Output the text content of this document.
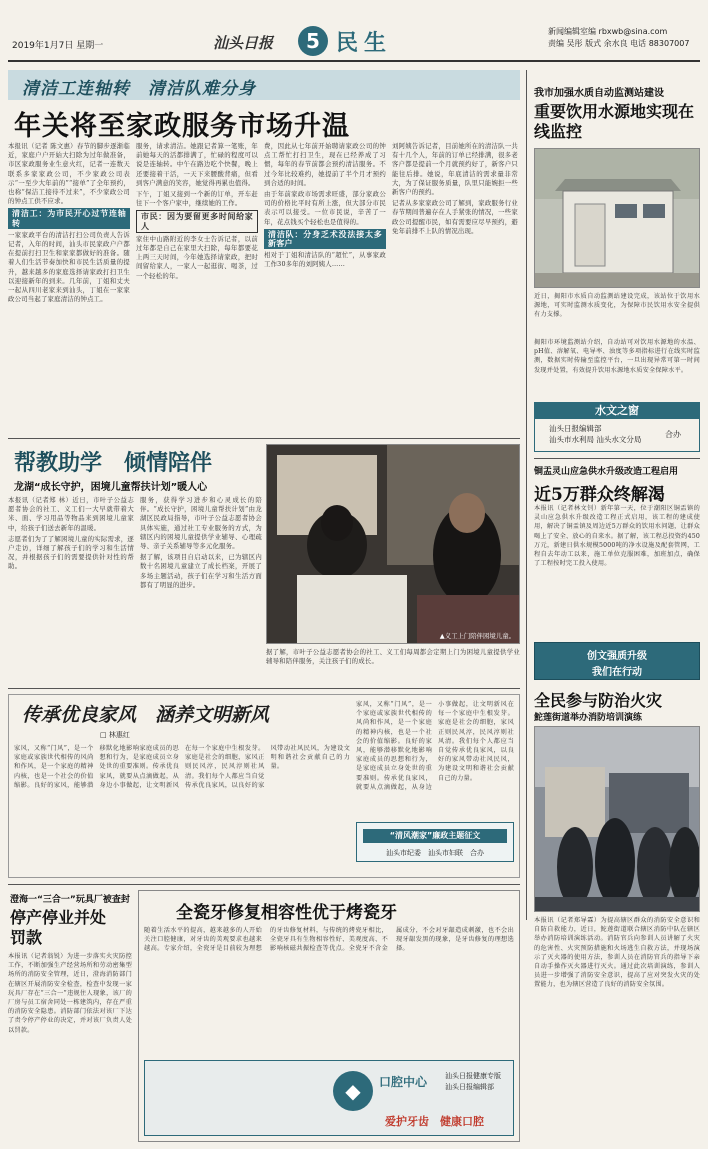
2019年1月7日 星期一	汕头日报	5 民生	新闻编辑室编 rbxwb@sina.com
责编 吴彤 版式 余水良 电话 88307007
清洁工连轴转　清洁队难分身
年关将至家政服务市场升温
本报讯（记者 陈文惠）春节的脚步逐渐临近，家庭户户开始大扫除为过年做准备，市区家政服务业生意火红，记者一连数天联系多家家政公司，不少家政公司表示“一至少大年前的”“接单”了全年预约，也称“保洁工接待不过来”，不少家政公司的钟点工供不应求。
清洁工：为市民开心过节连轴转
一家家政平台的清洁打扫公司负责人告诉记者，入年的时间，汕头市民家政户户都在提前打扫卫生和家家都做好的准备。随着人们生活节奏加快和市民生活质量的提升，越来越多的家庭选择请家政打扫卫生以迎接新年的到来。几年前，丁姐和丈夫一起从四川老家来到汕头，丁姐在一家家政公司当起了家庭清洁的钟点工。
服务，请求清洁。她跟记者算一笔账，年前她每天的活都排满了，忙碌的程度可以说是连轴转。中午在路边吃个快餐，晚上还要接着干活，一天下来腰酸背痛，但看到客户满意的笑容，她觉得再累也值得。
下午，丁姐又接到一个新的订单，开车赶往下一个客户家中，继续她的工作。
市民：因为要留更多时间给家人
家住中山路附近的李女士告诉记者，以前过年都是自己在家里大扫除，每年都要花上两三天时间，今年她选择请家政，把时间留给家人，一家人一起逛街、喝茶，过一个轻松的年。
费，因此从七年前开始聘请家政公司的钟点工帮忙打扫卫生，现在已经养成了习惯，每年的春节前都会预约清洁服务。不过今年比较难约，她提前了半个月才预约到合适的时间。
由于年前家政市场需求旺盛，部分家政公司的价格比平时有所上涨，但大部分市民表示可以接受。一位市民说，辛苦了一年，花点钱买个轻松也是值得的。
清洁队：分身乏术没法接太多新客户
相对于丁姐和清洁队的“超忙”，从事家政工作30多年的刘阿姨人……
刘阿姨告诉记者，目前她所在的清洁队一共有十几个人，年前的订单已经排满，很多老客户都是提前一个月就预约好了，新客户只能往后排。她说，年底清洁的需求量非常大，为了保证服务质量，队里只能婉拒一些新客户的预约。
记者从多家家政公司了解到，家政服务行业春节期间普遍存在人手紧张的情况，一些家政公司提醒市民，如有需要应尽早预约，避免年前排不上队的情况出现。
我市加强水质自动监测站建设
重要饮用水源地实现在线监控
近日，揭阳市水质自动监测站建设完成，该站位于饮用水源地，可实时监测水质变化，为保障市民饮用水安全提供有力支撑。
揭阳市环境监测站介绍，自动站可对饮用水源地的水温、pH值、溶解氧、电导率、浊度等多项指标进行在线实时监测，数据实时传输至监控平台，一旦出现异常可第一时间发现并处置，有效提升饮用水源地水质安全保障水平。
水文之窗
汕头日报编辑部
汕头市水利局 汕头水文分局
合办
帮教助学　倾情陪伴
龙湖“成长守护，困境儿童帮扶计划”暖人心
本报讯（记者郑 林）近日，市叶子公益志愿者协会的社工、义工们一大早就带着大米、面、学习用品等物品来到困境儿童家中，给孩子们送去新年的温暖。
志愿者们为了了解困境儿童的实际需求，逐户走访，详细了解孩子们的学习和生活情况，并根据孩子们的需要提供针对性的帮助。
服务，获得学习进步和心灵成长的陪伴。“成长守护，困境儿童帮扶计划”由龙湖区民政局指导，市叶子公益志愿者协会具体实施，通过社工专业服务的方式，为辖区内的困境儿童提供学业辅导、心理疏导、亲子关系辅导等多元化服务。
据了解，该项目自启动以来，已为辖区内数十名困境儿童建立了成长档案，开展了多场主题活动，孩子们在学习和生活方面都有了明显的进步。
▲义工上门陪伴困境儿童。
据了解，市叶子公益志愿者协会的社工、义工们每周都会定期上门为困境儿童提供学业辅导和陪伴服务，关注孩子们的成长。
铜盂灵山应急供水升级改造工程启用
近5万群众终解渴
本报讯（记者林文钊）新年第一天，位于潮阳区铜盂镇的灵山应急供水升级改造工程正式启用，该工程的建成使用，解决了铜盂镇及周边近5万群众的饮用水问题，让群众喝上了安全、放心的自来水。据了解，该工程总投资约450万元，新建日供水规模5000吨的净水设施及配套管网，工程自去年动工以来，施工单位克服困难，加班加点，确保了工程按时完工投入使用。
创文强质升级
我们在行动
传承优良家风　涵养文明新风
□ 林惠红
家风，又称“门风”，是一个家庭或家族世代相传的风尚和作风，是一个家庭的精神内核，也是一个社会的价值缩影。良好的家风，能够潜移默化地影响家庭成员的思想和行为，是家庭成员立身处世的重要准则。传承优良家风，就要从点滴做起，从身边小事做起，让文明新风在每一个家庭中生根发芽。家庭是社会的细胞，家风正则民风淳，民风淳则社风清。我们每个人都应当自觉传承优良家风，以良好的家风带动社风民风，为建设文明和谐社会贡献自己的力量。
家风，又称“门风”，是一个家庭或家族世代相传的风尚和作风，是一个家庭的精神内核，也是一个社会的价值缩影。良好的家风，能够潜移默化地影响家庭成员的思想和行为，是家庭成员立身处世的重要准则。传承优良家风，就要从点滴做起，从身边小事做起，让文明新风在每一个家庭中生根发芽。家庭是社会的细胞，家风正则民风淳，民风淳则社风清。我们每个人都应当自觉传承优良家风，以良好的家风带动社风民风，为建设文明和谐社会贡献自己的力量。
“清风潮家”廉政主题征文
汕头市纪委　汕头市妇联　合办
全民参与防治火灾
鮀莲街道举办消防培训演练
本报讯（记者郑导霖）为提高辖区群众的消防安全意识和自防自救能力，近日，鮀莲街道联合辖区消防中队在辖区举办消防培训演练活动。消防官兵向参训人员讲解了火灾的危害性、火灾预防措施和火场逃生自救方法，并现场演示了灭火器的使用方法，参训人员在消防官兵的指导下亲自动手操作灭火器进行灭火。通过此次培训演练，参训人员进一步增强了消防安全意识，提高了应对突发火灾的处置能力，也为辖区营造了良好的消防安全氛围。
澄海一“三合一”玩具厂被查封
停产停业并处罚款
本报讯（记者翁锐）为进一步落实火灾防控工作，不断加强生产经营场所和劳动密集型场所的消防安全管理，近日，澄海消防部门在辖区开展消防安全检查，检查中发现一家玩具厂存在“三合一”违规住人现象，该厂的厂房与员工宿舍同处一栋建筑内，存在严重的消防安全隐患。消防部门依法对该厂下达了责令停产停业的决定，并对该厂负责人处以罚款。
全瓷牙修复相容性优于烤瓷牙
随着生活水平的提高，越来越多的人开始关注口腔健康，对牙齿的美观要求也越来越高。专家介绍，全瓷牙是目前较为理想的牙齿修复材料，与传统的烤瓷牙相比，全瓷牙具有生物相容性好、美观度高、不影响核磁共振检查等优点。全瓷牙不含金属成分，不会对牙龈造成刺激，也不会出现牙龈发黑的现象，是牙齿修复的理想选择。
◆	口腔中心	汕头日报健康专版
汕头日报编辑部
爱护牙齿　健康口腔
